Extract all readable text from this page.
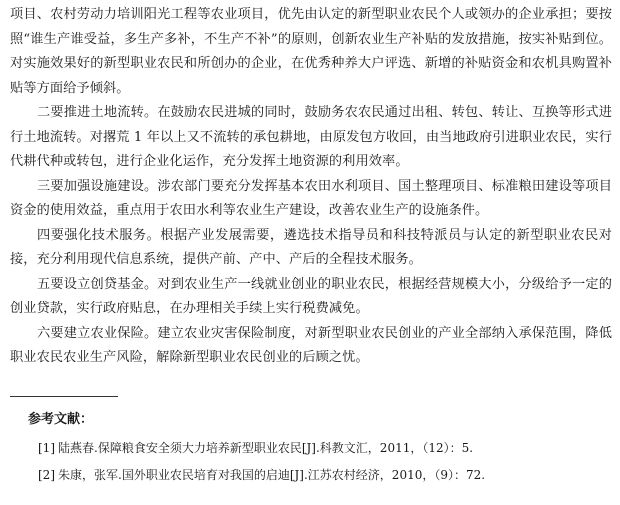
项目、农村劳动力培训阳光工程等农业项目，优先由认定的新型职业农民个人或领办的企业承担；要按照“谁生产谁受益，多生产多补，不生产不补”的原则，创新农业生产补贴的发放措施，按实补贴到位。对实施效果好的新型职业农民和所创办的企业，在优秀种养大户评选、新增的补贴资金和农机具购置补贴等方面给予倾斜。

二要推进土地流转。在鼓励农民进城的同时，鼓励务农农民通过出租、转包、转让、互换等形式进行土地流转。对撂荒 1 年以上又不流转的承包耕地，由原发包方收回，由当地政府引进职业农民，实行代耕代种或转包，进行企业化运作，充分发挥土地资源的利用效率。

三要加强设施建设。涉农部门要充分发挥基本农田水利项目、国土整理项目、标准粮田建设等项目资金的使用效益，重点用于农田水利等农业生产建设，改善农业生产的设施条件。

四要强化技术服务。根据产业发展需要，遴选技术指导员和科技特派员与认定的新型职业农民对接，充分利用现代信息系统，提供产前、产中、产后的全程技术服务。

五要设立创贷基金。对到农业生产一线就业创业的职业农民，根据经营规模大小，分级给予一定的创业贷款，实行政府贴息，在办理相关手续上实行税费减免。

六要建立农业保险。建立农业灾害保险制度，对新型职业农民创业的产业全部纳入承保范围，降低职业农民农业生产风险，解除新型职业农民创业的后顾之忧。

参考文献：

[1] 陆燕春.保障粮食安全须大力培养新型职业农民[J].科教文汇，2011，（12）：5.

[2] 朱康，张军.国外职业农民培育对我国的启迪[J].江苏农村经济，2010，（9）：72.
